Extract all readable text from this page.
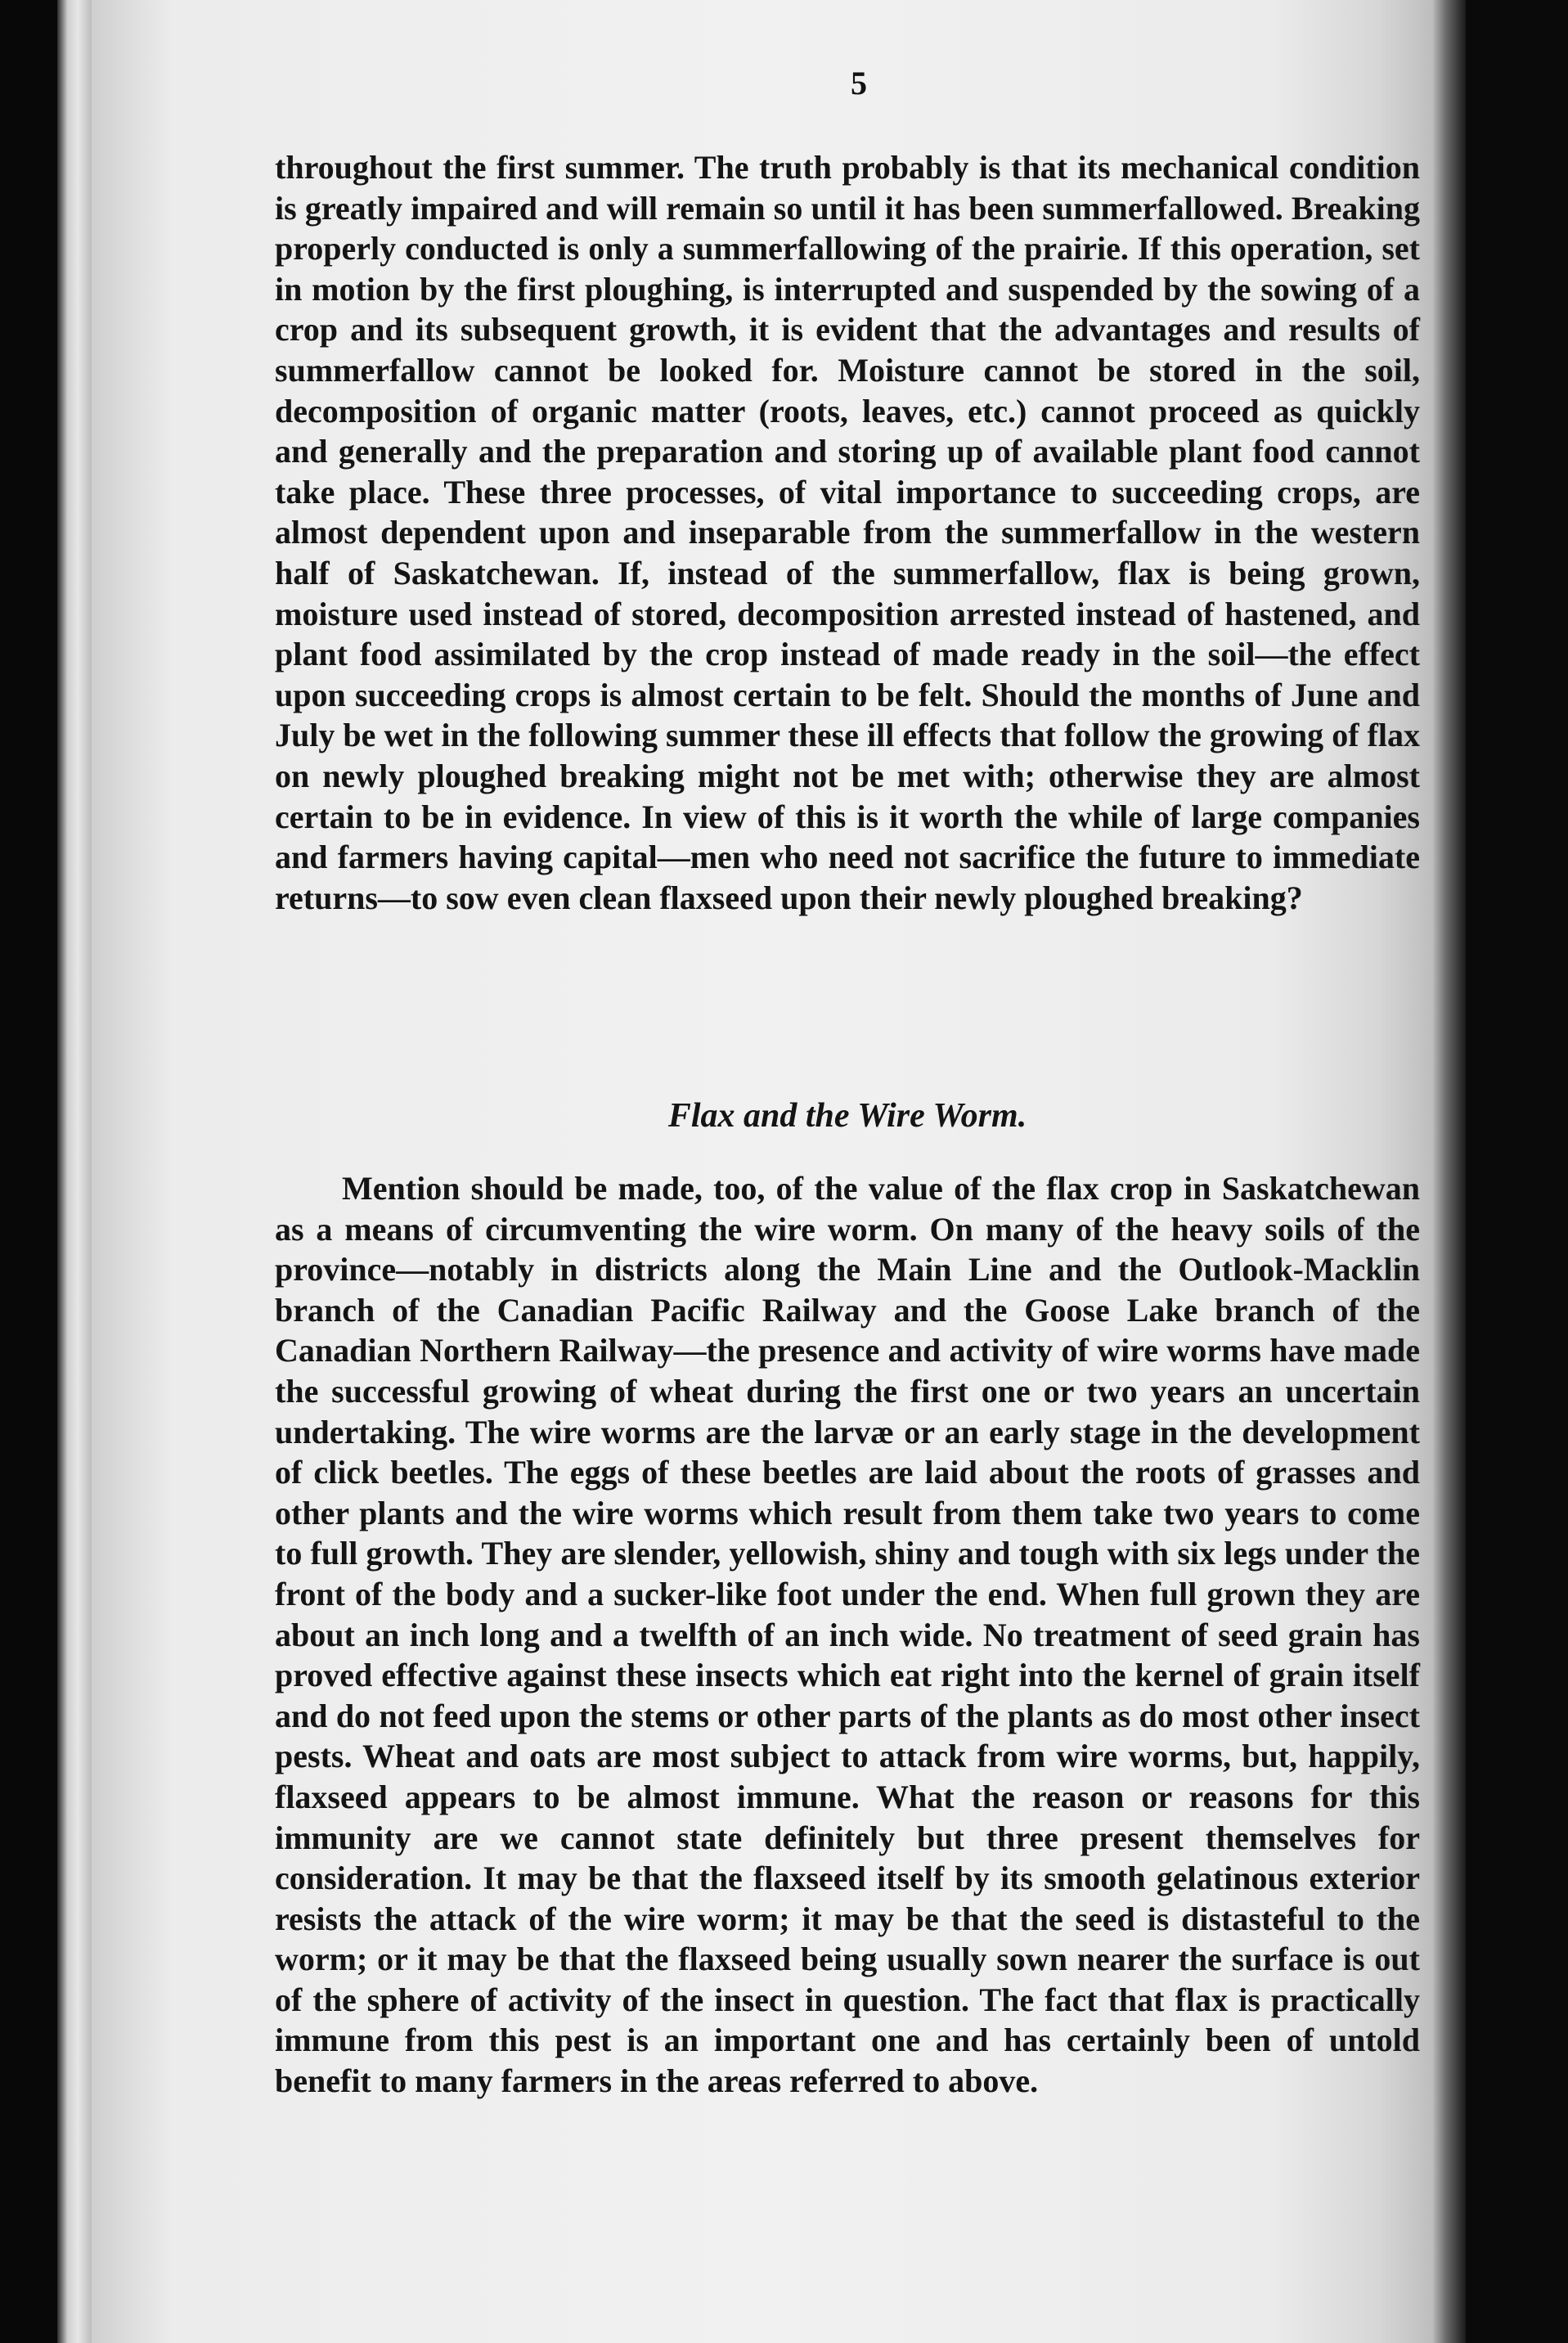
5

throughout the first summer. The truth probably is that its mechanical condition is greatly impaired and will remain so until it has been summerfallowed. Breaking properly conducted is only a summerfallowing of the prairie. If this operation, set in motion by the first ploughing, is interrupted and suspended by the sowing of a crop and its subsequent growth, it is evident that the advantages and results of summerfallow cannot be looked for. Moisture cannot be stored in the soil, decomposition of organic matter (roots, leaves, etc.) cannot proceed as quickly and generally and the preparation and storing up of available plant food cannot take place. These three processes, of vital importance to succeeding crops, are almost dependent upon and inseparable from the summerfallow in the western half of Saskatchewan. If, instead of the summerfallow, flax is being grown, moisture used instead of stored, decomposition arrested instead of hastened, and plant food assimilated by the crop instead of made ready in the soil—the effect upon succeeding crops is almost certain to be felt. Should the months of June and July be wet in the following summer these ill effects that follow the growing of flax on newly ploughed breaking might not be met with; otherwise they are almost certain to be in evidence. In view of this is it worth the while of large companies and farmers having capital—men who need not sacrifice the future to immediate returns—to sow even clean flaxseed upon their newly ploughed breaking?

Flax and the Wire Worm.

Mention should be made, too, of the value of the flax crop in Saskatchewan as a means of circumventing the wire worm. On many of the heavy soils of the province—notably in districts along the Main Line and the Outlook-Macklin branch of the Canadian Pacific Railway and the Goose Lake branch of the Canadian Northern Railway—the presence and activity of wire worms have made the successful growing of wheat during the first one or two years an uncertain undertaking. The wire worms are the larvæ or an early stage in the development of click beetles. The eggs of these beetles are laid about the roots of grasses and other plants and the wire worms which result from them take two years to come to full growth. They are slender, yellowish, shiny and tough with six legs under the front of the body and a sucker-like foot under the end. When full grown they are about an inch long and a twelfth of an inch wide. No treatment of seed grain has proved effective against these insects which eat right into the kernel of grain itself and do not feed upon the stems or other parts of the plants as do most other insect pests. Wheat and oats are most subject to attack from wire worms, but, happily, flaxseed appears to be almost immune. What the reason or reasons for this immunity are we cannot state definitely but three present themselves for consideration. It may be that the flaxseed itself by its smooth gelatinous exterior resists the attack of the wire worm; it may be that the seed is distasteful to the worm; or it may be that the flaxseed being usually sown nearer the surface is out of the sphere of activity of the insect in question. The fact that flax is practically immune from this pest is an important one and has certainly been of untold benefit to many farmers in the areas referred to above.
